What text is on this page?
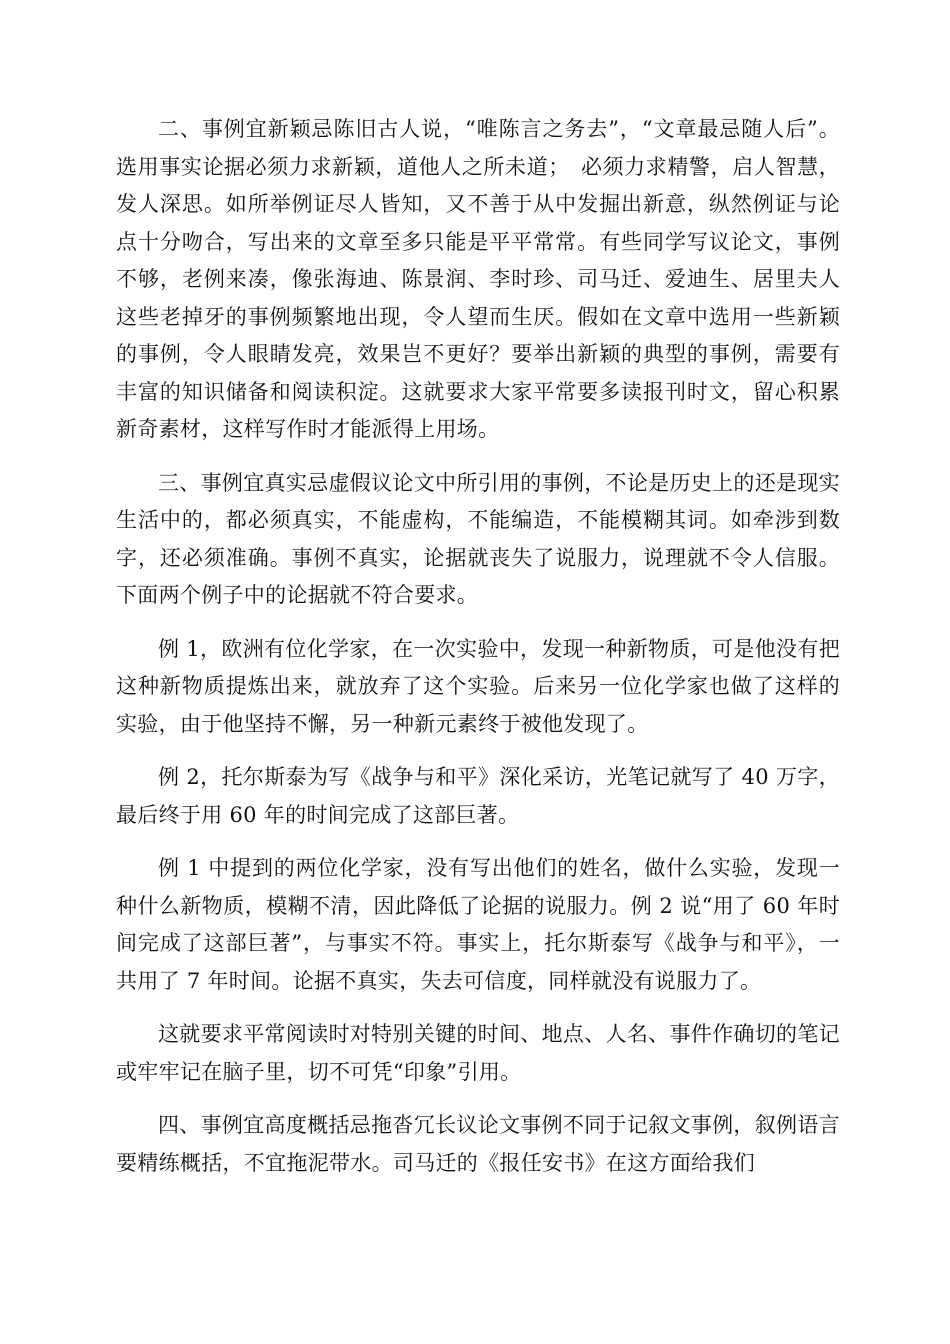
二、事例宜新颖忌陈旧古人说，“唯陈言之务去”，“文章最忌随人后”。选用事实论据必须力求新颖，道他人之所未道；　必须力求精警，启人智慧，发人深思。如所举例证尽人皆知，又不善于从中发掘出新意，纵然例证与论点十分吻合，写出来的文章至多只能是平平常常。有些同学写议论文，事例不够，老例来凑，像张海迪、陈景润、李时珍、司马迁、爱迪生、居里夫人这些老掉牙的事例频繁地出现，令人望而生厌。假如在文章中选用一些新颖的事例，令人眼睛发亮，效果岂不更好？要举出新颖的典型的事例，需要有丰富的知识储备和阅读积淀。这就要求大家平常要多读报刊时文，留心积累新奇素材，这样写作时才能派得上用场。

三、事例宜真实忌虚假议论文中所引用的事例，不论是历史上的还是现实生活中的，都必须真实，不能虚构，不能编造，不能模糊其词。如牵涉到数字，还必须准确。事例不真实，论据就丧失了说服力，说理就不令人信服。下面两个例子中的论据就不符合要求。

例 1，欧洲有位化学家，在一次实验中，发现一种新物质，可是他没有把这种新物质提炼出来，就放弃了这个实验。后来另一位化学家也做了这样的实验，由于他坚持不懈，另一种新元素终于被他发现了。

例 2，托尔斯泰为写《战争与和平》深化采访，光笔记就写了 40 万字，最后终于用 60 年的时间完成了这部巨著。

例 1 中提到的两位化学家，没有写出他们的姓名，做什么实验，发现一种什么新物质，模糊不清，因此降低了论据的说服力。例 2 说“用了 60 年时间完成了这部巨著”，与事实不符。事实上，托尔斯泰写《战争与和平》，一共用了 7 年时间。论据不真实，失去可信度，同样就没有说服力了。

这就要求平常阅读时对特别关键的时间、地点、人名、事件作确切的笔记或牢牢记在脑子里，切不可凭“印象”引用。

四、事例宜高度概括忌拖沓冗长议论文事例不同于记叙文事例，叙例语言要精练概括，不宜拖泥带水。司马迁的《报任安书》在这方面给我们
